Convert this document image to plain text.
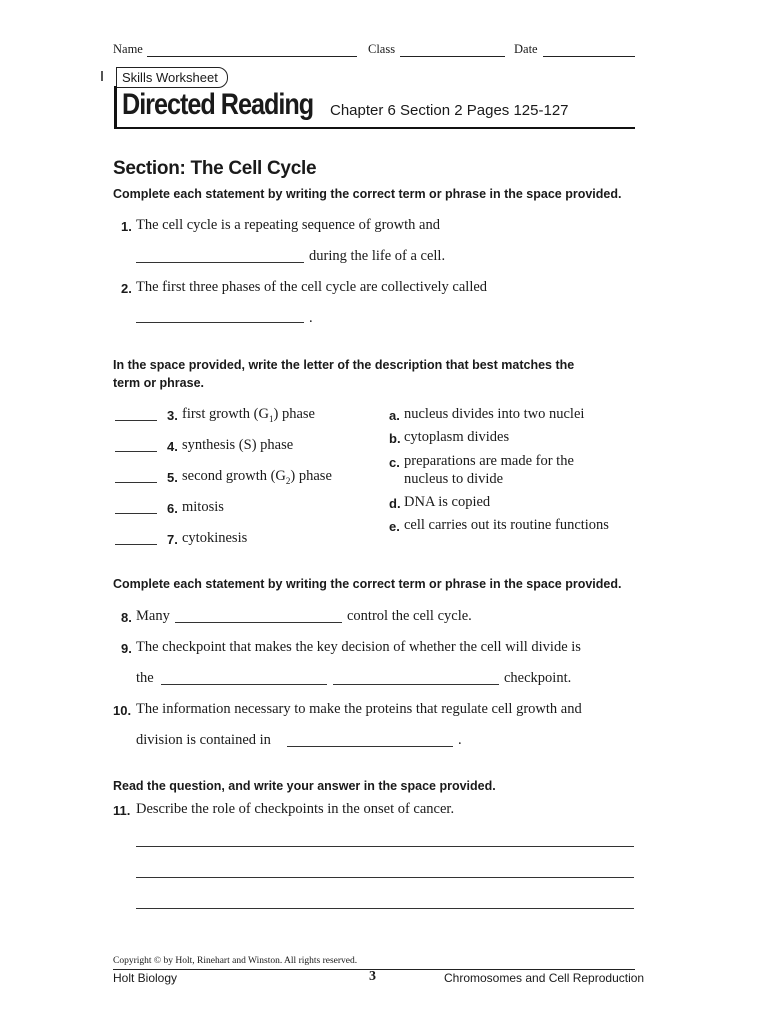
Name	Class	Date
Skills Worksheet
Directed Reading Chapter 6 Section 2 Pages 125-127
Section: The Cell Cycle
Complete each statement by writing the correct term or phrase in the space provided.
1. The cell cycle is a repeating sequence of growth and
during the life of a cell.
2. The first three phases of the cell cycle are collectively called
.
In the space provided, write the letter of the description that best matches the
term or phrase.
3. first growth $(G_1)$ phase
4. synthesis (S) phase
5. second growth $(G_2)$ phase
6. mitosis
7. cytokinesis
a. nucleus divides into two nuclei
b. cytoplasm divides
c. preparations are made for the
nucleus to divide
d. DNA is copied
e. cell carries out its routine functions
Complete each statement by writing the correct term or phrase in the space provided.
8. Many	control the cell cycle.
9. The checkpoint that makes the key decision of whether the cell will divide is
the	checkpoint.
10. The information necessary to make the proteins that regulate cell growth and
division is contained in	.
Read the question, and write your answer in the space provided.
11. Describe the role of checkpoints in the onset of cancer.
Copyright © by Holt, Rinehart and Winston. All rights reserved.
Holt Biology	3	Chromosomes and Cell Reproduction
